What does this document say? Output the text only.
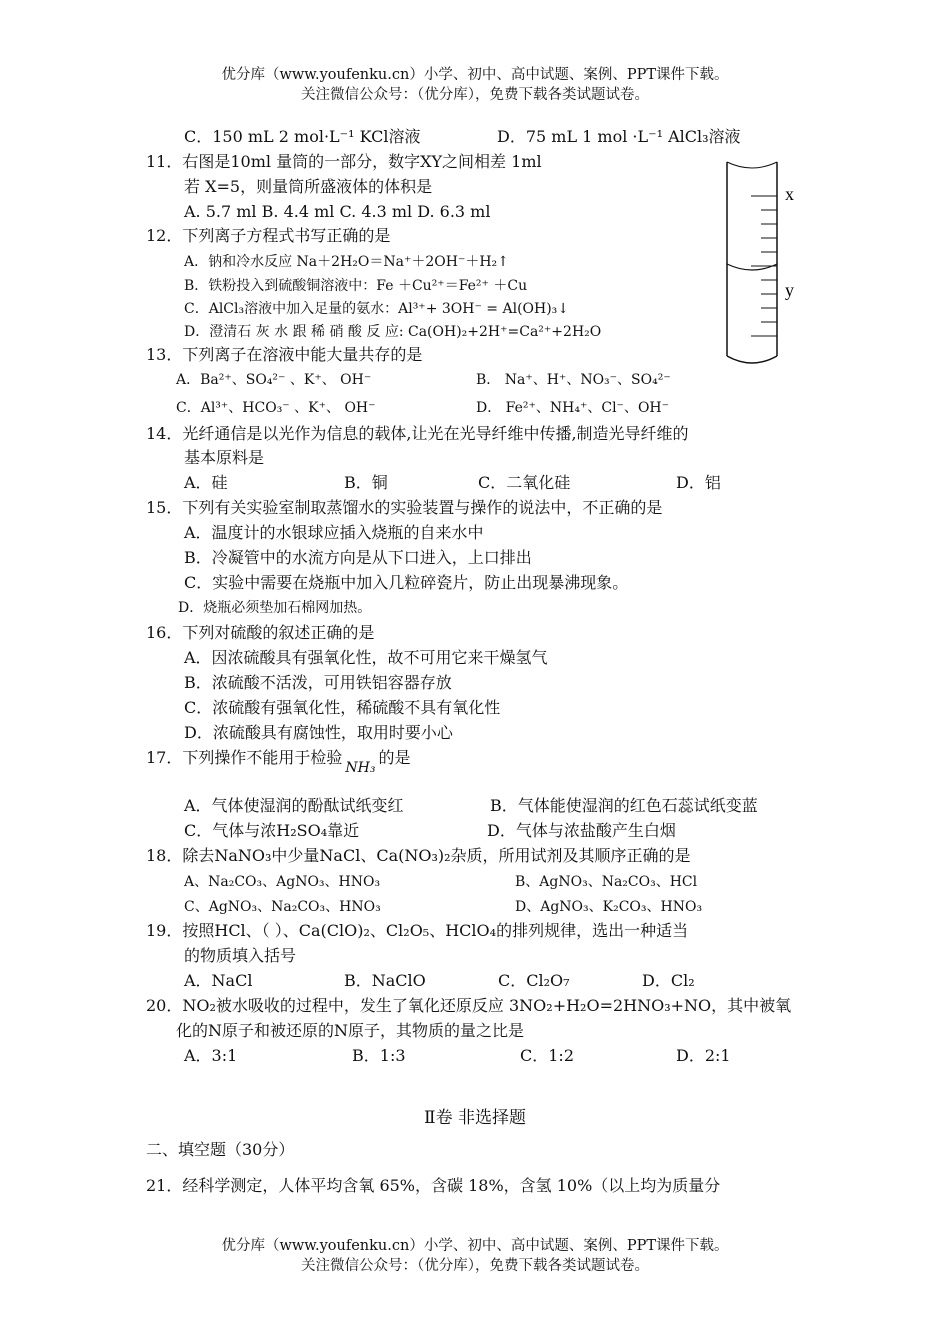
优分库（www.youfenku.cn）小学、初中、高中试题、案例、PPT课件下载。
关注微信公众号：（优分库），免费下载各类试题试卷。
C．150 mL 2 mol·L⁻¹ KCl溶液	D．75 mL 1 mol ·L⁻¹ AlCl₃溶液
11．右图是10ml 量筒的一部分，数字XY之间相差 1ml
若 X=5，则量筒所盛液体的体积是
A. 5.7 ml B. 4.4 ml C. 4.3 ml D. 6.3 ml
x
y
12．下列离子方程式书写正确的是
A．钠和冷水反应 Na＋2H₂O＝Na⁺＋2OH⁻＋H₂↑
B．铁粉投入到硫酸铜溶液中：Fe ＋Cu²⁺＝Fe²⁺ ＋Cu
C．AlCl₃溶液中加入足量的氨水：Al³⁺+ 3OH⁻ = Al(OH)₃↓
D．澄清石 灰 水 跟 稀 硝 酸 反 应: Ca(OH)₂+2H⁺=Ca²⁺+2H₂O
13．下列离子在溶液中能大量共存的是
A．Ba²⁺、SO₄²⁻ 、K⁺、 OH⁻	B． Na⁺、H⁺、NO₃⁻、SO₄²⁻
C．Al³⁺、HCO₃⁻ 、K⁺、 OH⁻	D． Fe²⁺、NH₄⁺、Cl⁻、OH⁻
14．光纤通信是以光作为信息的载体,让光在光导纤维中传播,制造光导纤维的
基本原料是
A．硅	B．铜	C．二氧化硅	D．铝
15．下列有关实验室制取蒸馏水的实验装置与操作的说法中，不正确的是
A．温度计的水银球应插入烧瓶的自来水中
B．冷凝管中的水流方向是从下口进入，上口排出
C．实验中需要在烧瓶中加入几粒碎瓷片，防止出现暴沸现象。
D．烧瓶必须垫加石棉网加热。
16．下列对硫酸的叙述正确的是
A．因浓硫酸具有强氧化性，故不可用它来干燥氢气
B．浓硫酸不活泼，可用铁铝容器存放
C．浓硫酸有强氧化性，稀硫酸不具有氧化性
D．浓硫酸具有腐蚀性，取用时要小心
17．下列操作不能用于检验NH₃的是
A．气体使湿润的酚酞试纸变红	B．气体能使湿润的红色石蕊试纸变蓝
C．气体与浓H₂SO₄靠近	D．气体与浓盐酸产生白烟
18．除去NaNO₃中少量NaCl、Ca(NO₃)₂杂质，所用试剂及其顺序正确的是
A、Na₂CO₃、AgNO₃、HNO₃	B、AgNO₃、Na₂CO₃、HCl
C、AgNO₃、Na₂CO₃、HNO₃	D、AgNO₃、K₂CO₃、HNO₃
19．按照HCl、（ ）、Ca(ClO)₂、Cl₂O₅、HClO₄的排列规律，选出一种适当
的物质填入括号
A．NaCl	B．NaClO	C．Cl₂O₇	D．Cl₂
20．NO₂被水吸收的过程中，发生了氧化还原反应 3NO₂+H₂O=2HNO₃+NO，其中被氧
化的N原子和被还原的N原子，其物质的量之比是
A．3:1	B．1:3	C．1:2	D．2:1
Ⅱ卷 非选择题
二、填空题（30分）
21．经科学测定，人体平均含氧 65%，含碳 18%，含氢 10%（以上均为质量分
优分库（www.youfenku.cn）小学、初中、高中试题、案例、PPT课件下载。
关注微信公众号：（优分库），免费下载各类试题试卷。
